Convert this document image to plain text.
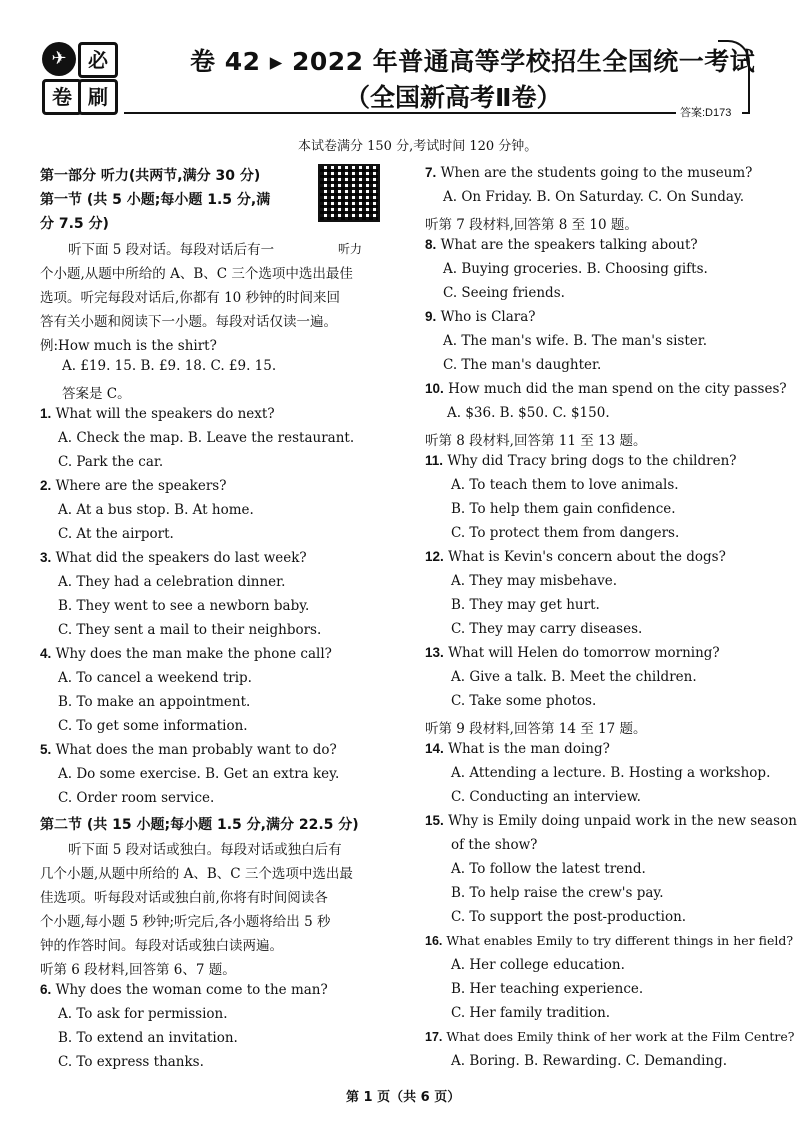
✈	必
卷 刷
卷 42 ▸ 2022 年普通高等学校招生全国统一考试
（全国新高考Ⅱ卷）
答案:D173
本试卷满分 150 分,考试时间 120 分钟。
第一部分 听力(共两节,满分 30 分)
第一节 (共 5 小题;每小题 1.5 分,满
分 7.5 分)
听力
听下面 5 段对话。每段对话后有一
个小题,从题中所给的 A、B、C 三个选项中选出最佳
选项。听完每段对话后,你都有 10 秒钟的时间来回
答有关小题和阅读下一小题。每段对话仅读一遍。
例:How much is the shirt?
A. £19. 15. B. £9. 18. C. £9. 15.
答案是 C。
1. What will the speakers do next?
A. Check the map. B. Leave the restaurant.
C. Park the car.
2. Where are the speakers?
A. At a bus stop. B. At home.
C. At the airport.
3. What did the speakers do last week?
A. They had a celebration dinner.
B. They went to see a newborn baby.
C. They sent a mail to their neighbors.
4. Why does the man make the phone call?
A. To cancel a weekend trip.
B. To make an appointment.
C. To get some information.
5. What does the man probably want to do?
A. Do some exercise. B. Get an extra key.
C. Order room service.
第二节 (共 15 小题;每小题 1.5 分,满分 22.5 分)
听下面 5 段对话或独白。每段对话或独白后有
几个小题,从题中所给的 A、B、C 三个选项中选出最
佳选项。听每段对话或独白前,你将有时间阅读各
个小题,每小题 5 秒钟;听完后,各小题将给出 5 秒
钟的作答时间。每段对话或独白读两遍。
听第 6 段材料,回答第 6、7 题。
6. Why does the woman come to the man?
A. To ask for permission.
B. To extend an invitation.
C. To express thanks.
7. When are the students going to the museum?
A. On Friday. B. On Saturday. C. On Sunday.
听第 7 段材料,回答第 8 至 10 题。
8. What are the speakers talking about?
A. Buying groceries. B. Choosing gifts.
C. Seeing friends.
9. Who is Clara?
A. The man's wife. B. The man's sister.
C. The man's daughter.
10. How much did the man spend on the city passes?
A. $36. B. $50. C. $150.
听第 8 段材料,回答第 11 至 13 题。
11. Why did Tracy bring dogs to the children?
A. To teach them to love animals.
B. To help them gain confidence.
C. To protect them from dangers.
12. What is Kevin's concern about the dogs?
A. They may misbehave.
B. They may get hurt.
C. They may carry diseases.
13. What will Helen do tomorrow morning?
A. Give a talk. B. Meet the children.
C. Take some photos.
听第 9 段材料,回答第 14 至 17 题。
14. What is the man doing?
A. Attending a lecture. B. Hosting a workshop.
C. Conducting an interview.
15. Why is Emily doing unpaid work in the new season
of the show?
A. To follow the latest trend.
B. To help raise the crew's pay.
C. To support the post-production.
16. What enables Emily to try different things in her field?
A. Her college education.
B. Her teaching experience.
C. Her family tradition.
17. What does Emily think of her work at the Film Centre?
A. Boring. B. Rewarding. C. Demanding.
第 1 页（共 6 页）
